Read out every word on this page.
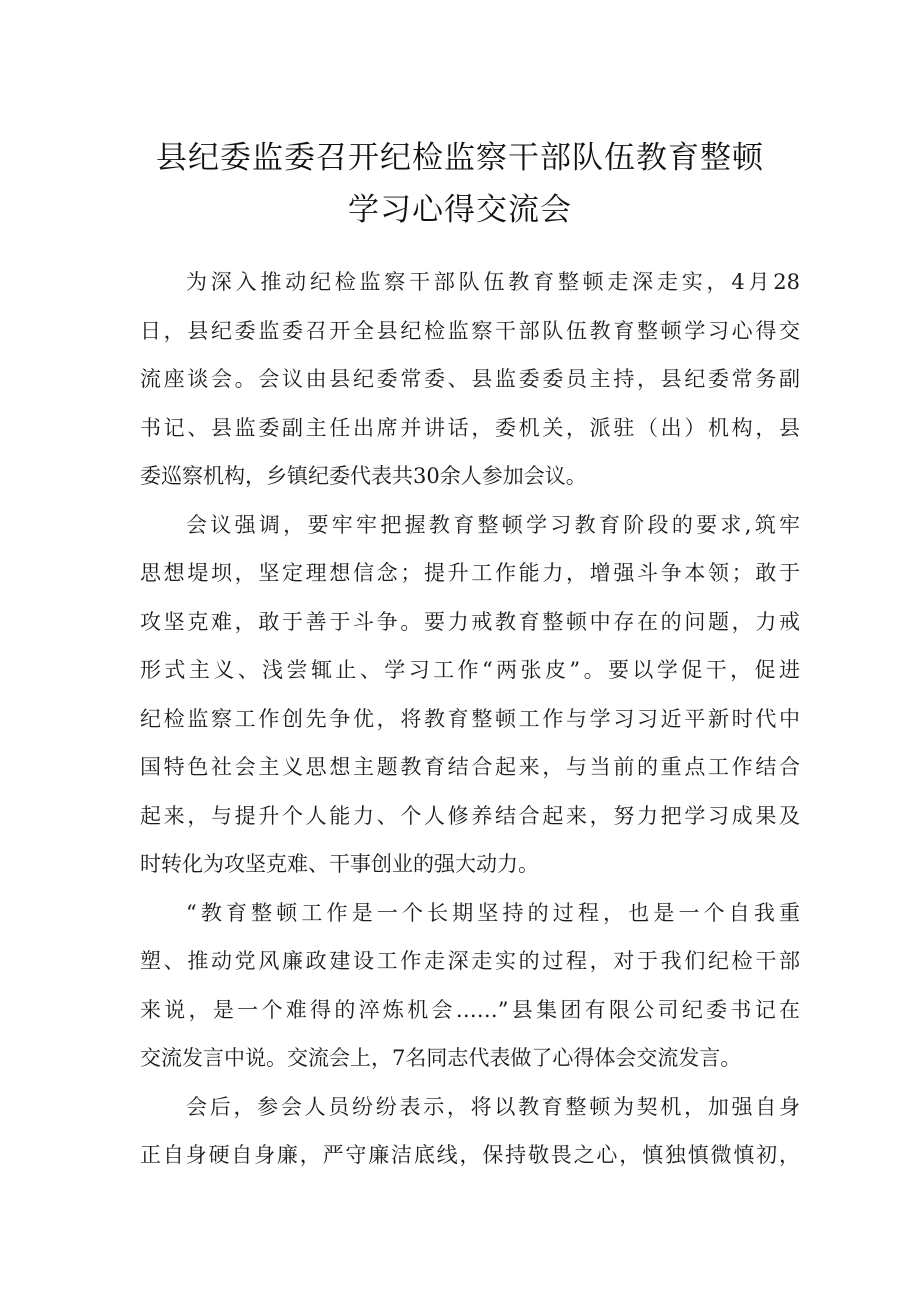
县纪委监委召开纪检监察干部队伍教育整顿
学习心得交流会
为深入推动纪检监察干部队伍教育整顿走深走实，4月28
日，县纪委监委召开全县纪检监察干部队伍教育整顿学习心得交
流座谈会。会议由县纪委常委、县监委委员主持，县纪委常务副
书记、县监委副主任出席并讲话，委机关，派驻（出）机构，县
委巡察机构，乡镇纪委代表共30余人参加会议。
会议强调，要牢牢把握教育整顿学习教育阶段的要求,筑牢
思想堤坝，坚定理想信念；提升工作能力，增强斗争本领；敢于
攻坚克难，敢于善于斗争。要力戒教育整顿中存在的问题，力戒
形式主义、浅尝辄止、学习工作“两张皮”。要以学促干，促进
纪检监察工作创先争优，将教育整顿工作与学习习近平新时代中
国特色社会主义思想主题教育结合起来，与当前的重点工作结合
起来，与提升个人能力、个人修养结合起来，努力把学习成果及
时转化为攻坚克难、干事创业的强大动力。
“教育整顿工作是一个长期坚持的过程，也是一个自我重
塑、推动党风廉政建设工作走深走实的过程，对于我们纪检干部
来说，是一个难得的淬炼机会……”县集团有限公司纪委书记在
交流发言中说。交流会上，7名同志代表做了心得体会交流发言。
会后，参会人员纷纷表示，将以教育整顿为契机，加强自身
正自身硬自身廉，严守廉洁底线，保持敬畏之心，慎独慎微慎初，
